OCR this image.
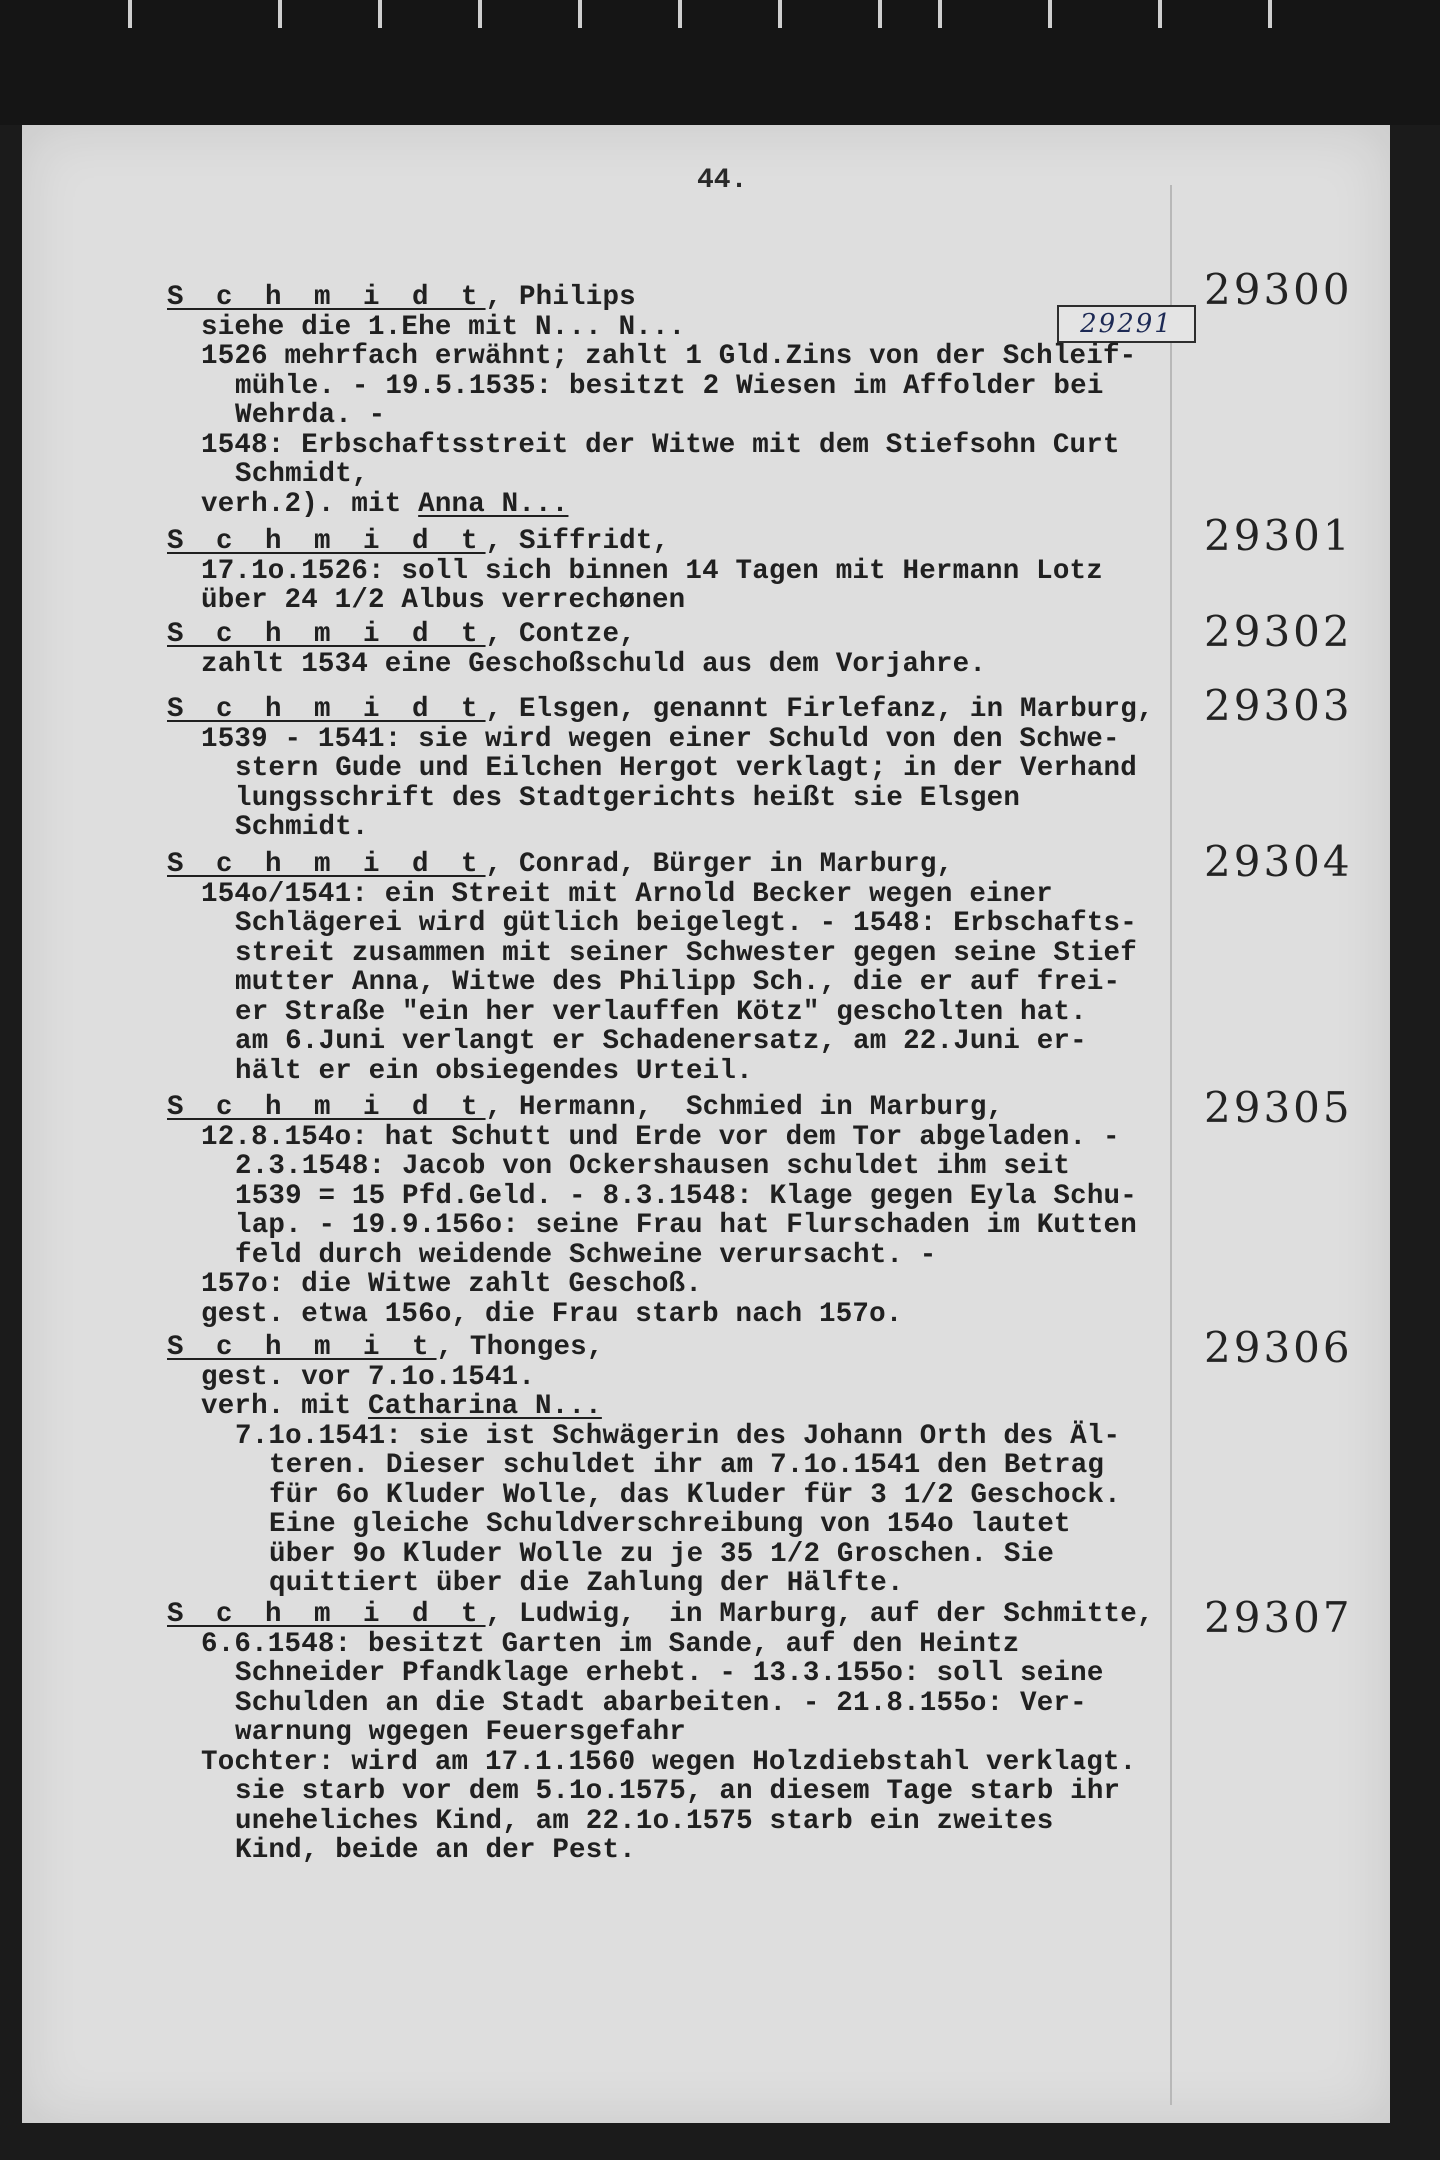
44.
29291
S c h m i d t, Philips
siehe die 1.Ehe mit N... N...
1526 mehrfach erwähnt; zahlt 1 Gld.Zins von der Schleif-
mühle. - 19.5.1535: besitzt 2 Wiesen im Affolder bei
Wehrda. -
1548: Erbschaftsstreit der Witwe mit dem Stiefsohn Curt
Schmidt,
verh.2). mit Anna N...
29300
S c h m i d t, Siffridt,
17.1o.1526: soll sich binnen 14 Tagen mit Hermann Lotz
über 24 1/2 Albus verrechønen
29301
S c h m i d t, Contze,
zahlt 1534 eine Geschoßschuld aus dem Vorjahre.
29302
S c h m i d t, Elsgen, genannt Firlefanz, in Marburg,
1539 - 1541: sie wird wegen einer Schuld von den Schwe-
stern Gude und Eilchen Hergot verklagt; in der Verhand
lungsschrift des Stadtgerichts heißt sie Elsgen
Schmidt.
29303
S c h m i d t, Conrad, Bürger in Marburg,
154o/1541: ein Streit mit Arnold Becker wegen einer
Schlägerei wird gütlich beigelegt. - 1548: Erbschafts-
streit zusammen mit seiner Schwester gegen seine Stief
mutter Anna, Witwe des Philipp Sch., die er auf frei-
er Straße "ein her verlauffen Kötz" gescholten hat.
am 6.Juni verlangt er Schadenersatz, am 22.Juni er-
hält er ein obsiegendes Urteil.
29304
S c h m i d t, Hermann,  Schmied in Marburg,
12.8.154o: hat Schutt und Erde vor dem Tor abgeladen. -
2.3.1548: Jacob von Ockershausen schuldet ihm seit
1539 = 15 Pfd.Geld. - 8.3.1548: Klage gegen Eyla Schu-
lap. - 19.9.156o: seine Frau hat Flurschaden im Kutten
feld durch weidende Schweine verursacht. -
157o: die Witwe zahlt Geschoß.
gest. etwa 156o, die Frau starb nach 157o.
29305
S c h m i t, Thonges,
gest. vor 7.1o.1541.
verh. mit Catharina N...
7.1o.1541: sie ist Schwägerin des Johann Orth des Äl-
teren. Dieser schuldet ihr am 7.1o.1541 den Betrag
für 6o Kluder Wolle, das Kluder für 3 1/2 Geschock.
Eine gleiche Schuldverschreibung von 154o lautet
über 9o Kluder Wolle zu je 35 1/2 Groschen. Sie
quittiert über die Zahlung der Hälfte.
29306
S c h m i d t, Ludwig,  in Marburg, auf der Schmitte,
6.6.1548: besitzt Garten im Sande, auf den Heintz
Schneider Pfandklage erhebt. - 13.3.155o: soll seine
Schulden an die Stadt abarbeiten. - 21.8.155o: Ver-
warnung wgegen Feuersgefahr
Tochter: wird am 17.1.1560 wegen Holzdiebstahl verklagt.
sie starb vor dem 5.1o.1575, an diesem Tage starb ihr
uneheliches Kind, am 22.1o.1575 starb ein zweites
Kind, beide an der Pest.
29307
